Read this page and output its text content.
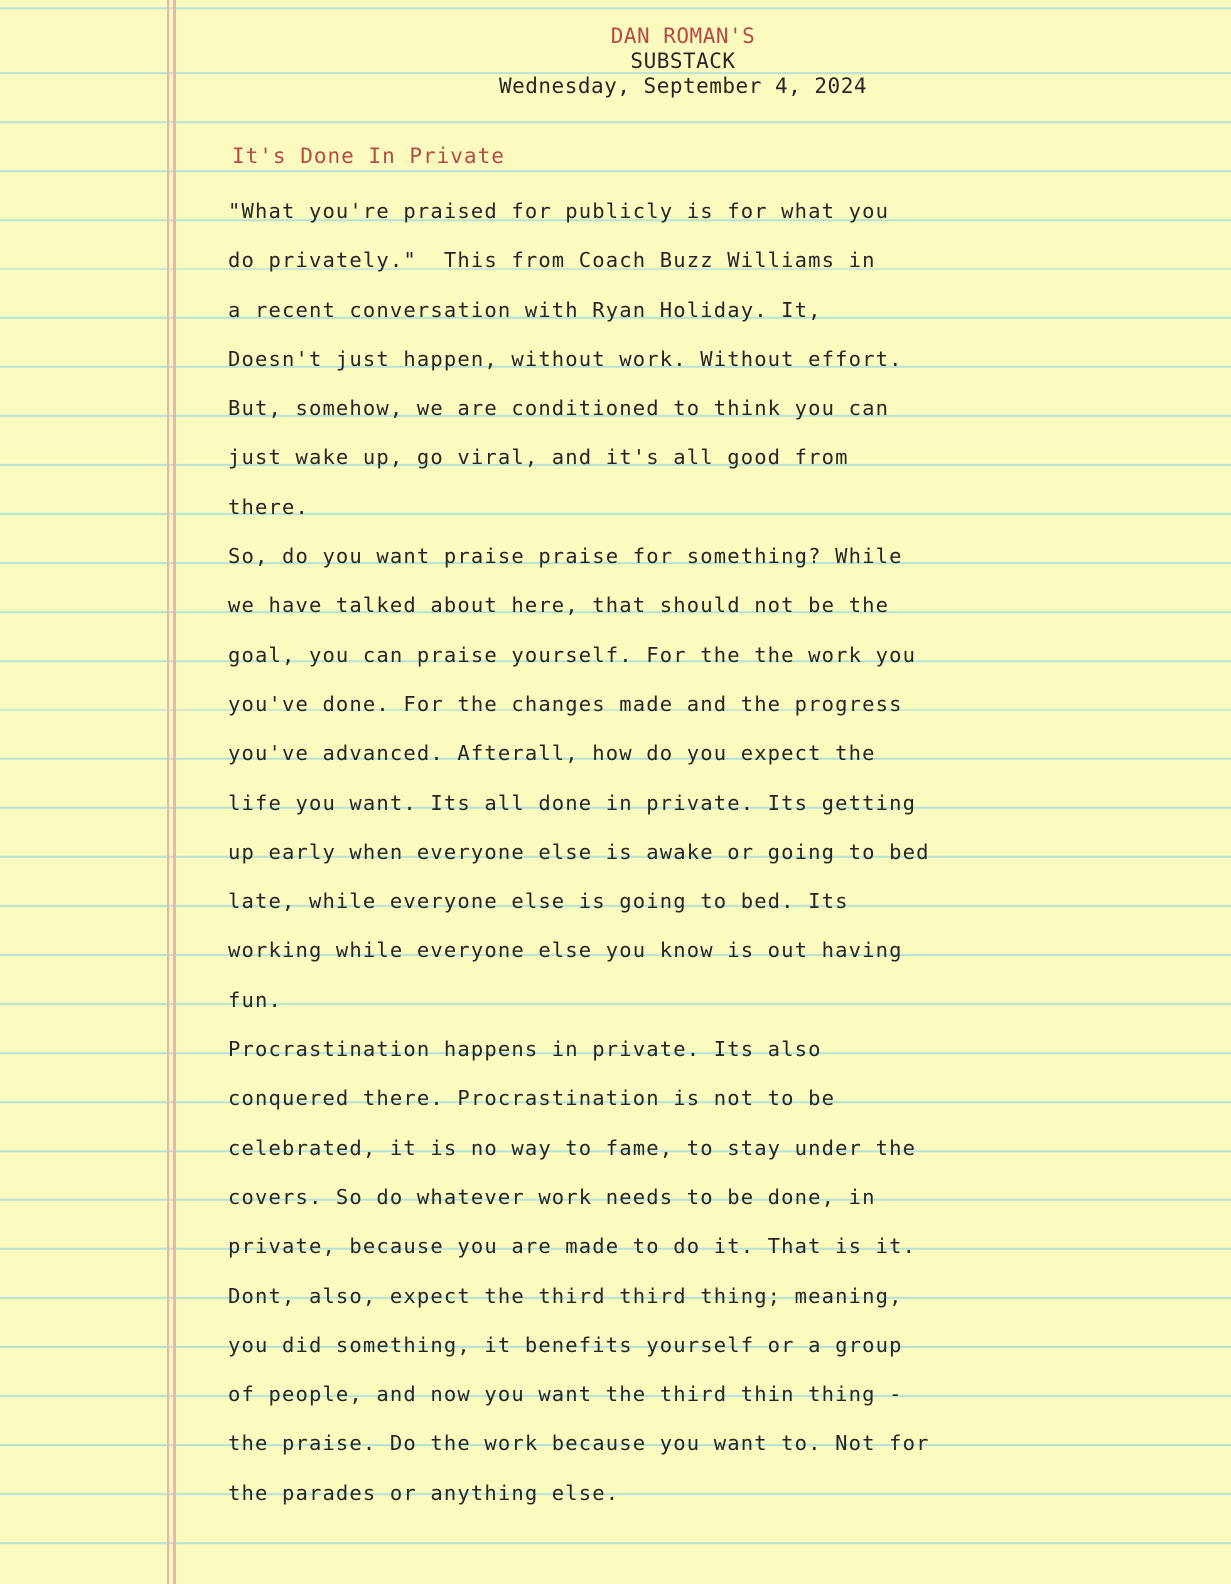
DAN ROMAN'S
SUBSTACK
Wednesday, September 4, 2024
It's Done In Private
"What you're praised for publicly is for what you
do privately."  This from Coach Buzz Williams in
a recent conversation with Ryan Holiday. It,
Doesn't just happen, without work. Without effort.
But, somehow, we are conditioned to think you can
just wake up, go viral, and it's all good from
there.
So, do you want praise praise for something? While
we have talked about here, that should not be the
goal, you can praise yourself. For the the work you
you've done. For the changes made and the progress
you've advanced. Afterall, how do you expect the
life you want. Its all done in private. Its getting
up early when everyone else is awake or going to bed
late, while everyone else is going to bed. Its
working while everyone else you know is out having
fun.
Procrastination happens in private. Its also
conquered there. Procrastination is not to be
celebrated, it is no way to fame, to stay under the
covers. So do whatever work needs to be done, in
private, because you are made to do it. That is it.
Dont, also, expect the third third thing; meaning,
you did something, it benefits yourself or a group
of people, and now you want the third thin thing -
the praise. Do the work because you want to. Not for
the parades or anything else.
